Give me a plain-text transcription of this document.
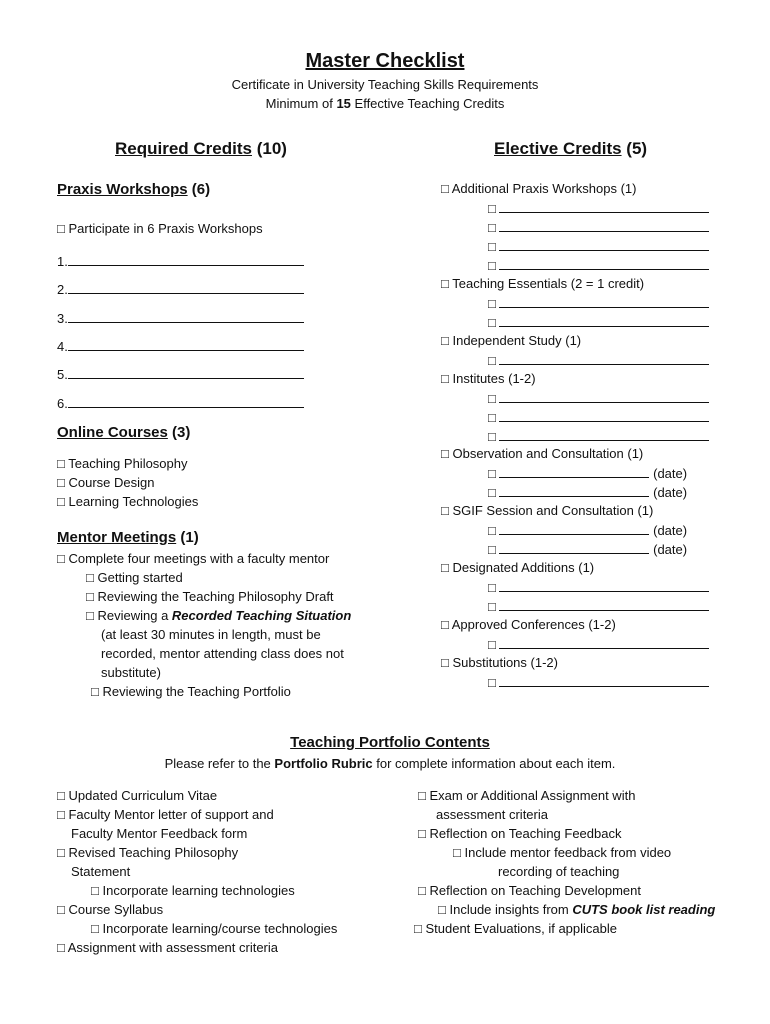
Master Checklist
Certificate in University Teaching Skills Requirements
Minimum of 15 Effective Teaching Credits
Required Credits (10)	Elective Credits (5)
Praxis Workshops (6)
□ Participate in 6 Praxis Workshops
1.
2.
3.
4.
5.
6.
Online Courses (3)
□ Teaching Philosophy
□ Course Design
□ Learning Technologies
Mentor Meetings (1)
□ Complete four meetings with a faculty mentor
□ Getting started
□ Reviewing the Teaching Philosophy Draft
□ Reviewing a Recorded Teaching Situation
(at least 30 minutes in length, must be
recorded, mentor attending class does not
substitute)
□ Reviewing the Teaching Portfolio
□ Additional Praxis Workshops (1)
□
□
□
□
□ Teaching Essentials (2 = 1 credit)
□
□
□ Independent Study (1)
□
□ Institutes (1-2)
□
□
□
□ Observation and Consultation (1)
□	(date)
□	(date)
□ SGIF Session and Consultation (1)
□	(date)
□	(date)
□ Designated Additions (1)
□
□
□ Approved Conferences (1-2)
□
□ Substitutions (1-2)
□
Teaching Portfolio Contents
Please refer to the Portfolio Rubric for complete information about each item.
□ Updated Curriculum Vitae
□ Faculty Mentor letter of support and
Faculty Mentor Feedback form
□ Revised Teaching Philosophy
Statement
□ Incorporate learning technologies
□ Course Syllabus
□ Incorporate learning/course technologies
□ Assignment with assessment criteria
□ Exam or Additional Assignment with
assessment criteria
□ Reflection on Teaching Feedback
□ Include mentor feedback from video
recording of teaching
□ Reflection on Teaching Development
□ Include insights from CUTS book list reading
□ Student Evaluations, if applicable
